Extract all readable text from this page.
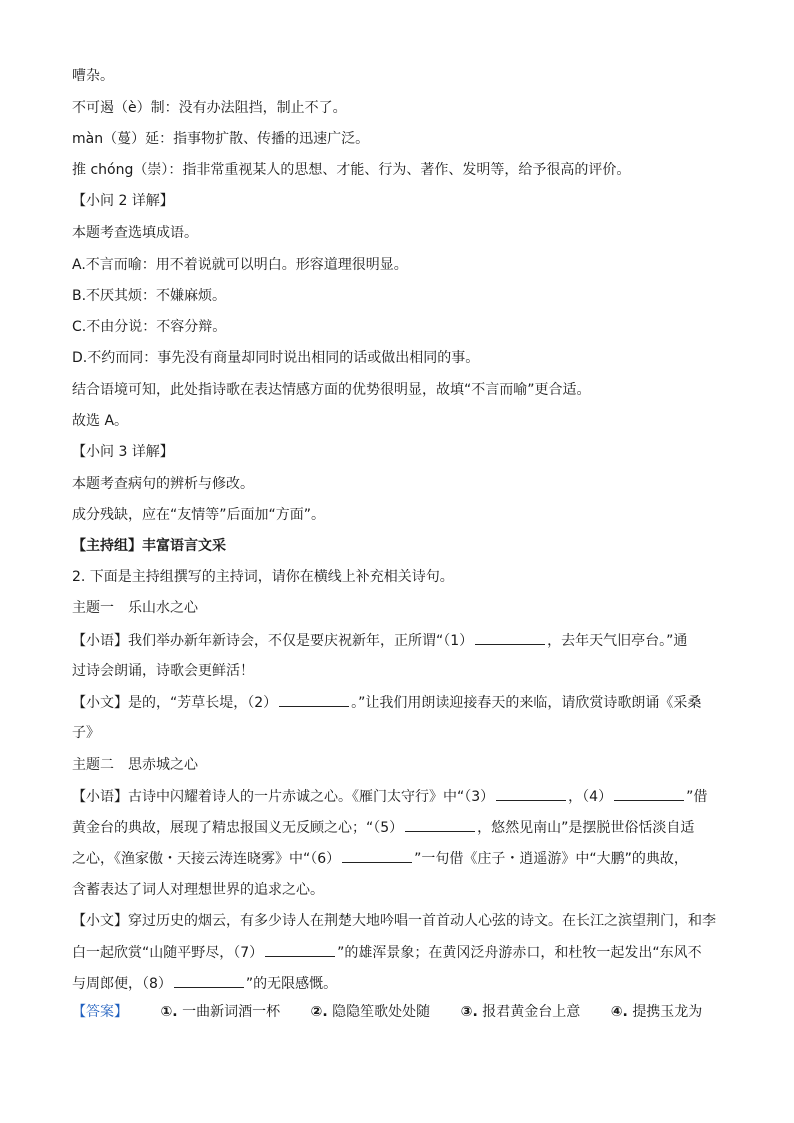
嘈杂。
不可遏（è）制：没有办法阻挡，制止不了。
màn（蔓）延：指事物扩散、传播的迅速广泛。
推 chóng（崇）：指非常重视某人的思想、才能、行为、著作、发明等，给予很高的评价。
【小问 2 详解】
本题考查选填成语。
A.不言而喻：用不着说就可以明白。形容道理很明显。
B.不厌其烦：不嫌麻烦。
C.不由分说：不容分辩。
D.不约而同：事先没有商量却同时说出相同的话或做出相同的事。
结合语境可知，此处指诗歌在表达情感方面的优势很明显，故填“不言而喻”更合适。
故选 A。
【小问 3 详解】
本题考查病句的辨析与修改。
成分残缺，应在“友情等”后面加“方面”。
【主持组】丰富语言文采
2. 下面是主持组撰写的主持词，请你在横线上补充相关诗句。
主题一　乐山水之心
【小语】我们举办新年新诗会，不仅是要庆祝新年，正所谓“（1）	，去年天气旧亭台。”通
过诗会朗诵，诗歌会更鲜活！
【小文】是的，“芳草长堤，（2）	。”让我们用朗读迎接春天的来临，请欣赏诗歌朗诵《采桑
子》
主题二　思赤城之心
【小语】古诗中闪耀着诗人的一片赤诚之心。《雁门太守行》中“（3）	，（4）	”借
黄金台的典故，展现了精忠报国义无反顾之心；“（5）	，悠然见南山”是摆脱世俗恬淡自适
之心，《渔家傲・天接云涛连晓雾》中“（6）	”一句借《庄子・逍遥游》中“大鹏”的典故，
含蓄表达了词人对理想世界的追求之心。
【小文】穿过历史的烟云，有多少诗人在荆楚大地吟唱一首首动人心弦的诗文。在长江之滨望荆门，和李
白一起欣赏“山随平野尽，（7）	”的雄浑景象；在黄冈泛舟游赤口，和杜牧一起发出“东风不
与周郎便，（8）	”的无限感慨。
【答案】 ①. 一曲新词酒一杯 ②. 隐隐笙歌处处随 ③. 报君黄金台上意 ④. 提携玉龙为
